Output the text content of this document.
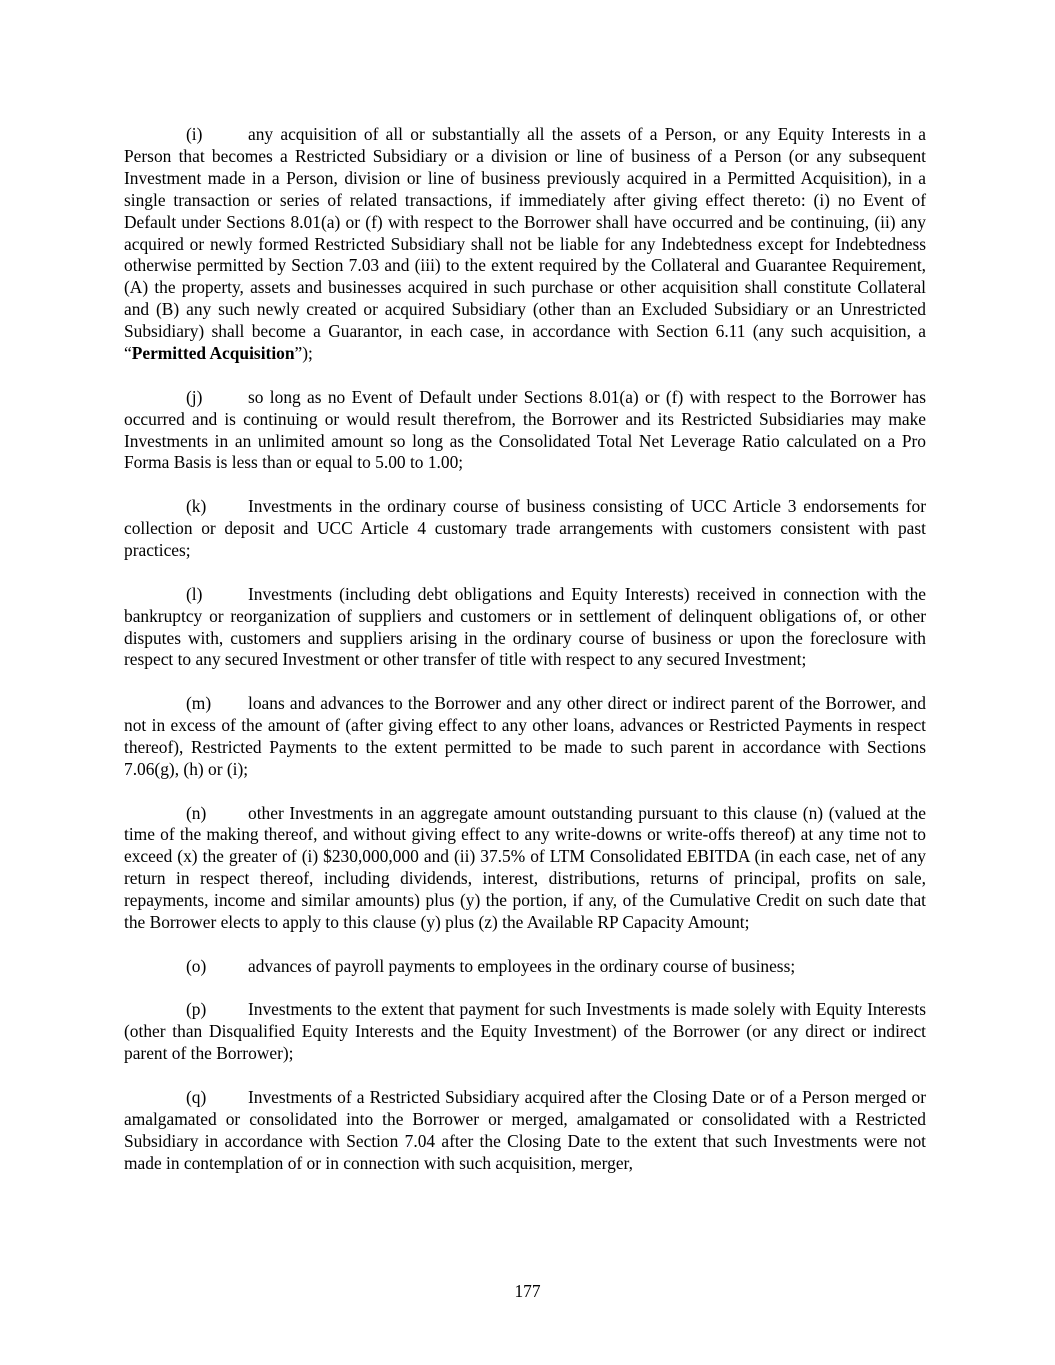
(i)	any acquisition of all or substantially all the assets of a Person, or any Equity Interests in a Person that becomes a Restricted Subsidiary or a division or line of business of a Person (or any subsequent Investment made in a Person, division or line of business previously acquired in a Permitted Acquisition), in a single transaction or series of related transactions, if immediately after giving effect thereto: (i) no Event of Default under Sections 8.01(a) or (f) with respect to the Borrower shall have occurred and be continuing, (ii) any acquired or newly formed Restricted Subsidiary shall not be liable for any Indebtedness except for Indebtedness otherwise permitted by Section 7.03 and (iii) to the extent required by the Collateral and Guarantee Requirement, (A) the property, assets and businesses acquired in such purchase or other acquisition shall constitute Collateral and (B) any such newly created or acquired Subsidiary (other than an Excluded Subsidiary or an Unrestricted Subsidiary) shall become a Guarantor, in each case, in accordance with Section 6.11 (any such acquisition, a “Permitted Acquisition”);

(j)	so long as no Event of Default under Sections 8.01(a) or (f) with respect to the Borrower has occurred and is continuing or would result therefrom, the Borrower and its Restricted Subsidiaries may make Investments in an unlimited amount so long as the Consolidated Total Net Leverage Ratio calculated on a Pro Forma Basis is less than or equal to 5.00 to 1.00;

(k) Investments in the ordinary course of business consisting of UCC Article 3 endorsements for collection or deposit and UCC Article 4 customary trade arrangements with customers consistent with past practices;

(l)	Investments (including debt obligations and Equity Interests) received in connection with the bankruptcy or reorganization of suppliers and customers or in settlement of delinquent obligations of, or other disputes with, customers and suppliers arising in the ordinary course of business or upon the foreclosure with respect to any secured Investment or other transfer of title with respect to any secured Investment;

(m) loans and advances to the Borrower and any other direct or indirect parent of the Borrower, and not in excess of the amount of (after giving effect to any other loans, advances or Restricted Payments in respect thereof), Restricted Payments to the extent permitted to be made to such parent in accordance with Sections 7.06(g), (h) or (i);

(n) other Investments in an aggregate amount outstanding pursuant to this clause (n) (valued at the time of the making thereof, and without giving effect to any write-downs or write-offs thereof) at any time not to exceed (x) the greater of (i) $230,000,000 and (ii) 37.5% of LTM Consolidated EBITDA (in each case, net of any return in respect thereof, including dividends, interest, distributions, returns of principal, profits on sale, repayments, income and similar amounts) plus (y) the portion, if any, of the Cumulative Credit on such date that the Borrower elects to apply to this clause (y) plus (z) the Available RP Capacity Amount;

(o) advances of payroll payments to employees in the ordinary course of business;

(p) Investments to the extent that payment for such Investments is made solely with Equity Interests (other than Disqualified Equity Interests and the Equity Investment) of the Borrower (or any direct or indirect parent of the Borrower);

(q) Investments of a Restricted Subsidiary acquired after the Closing Date or of a Person merged or amalgamated or consolidated into the Borrower or merged, amalgamated or consolidated with a Restricted Subsidiary in accordance with Section 7.04 after the Closing Date to the extent that such Investments were not made in contemplation of or in connection with such acquisition, merger,

177
